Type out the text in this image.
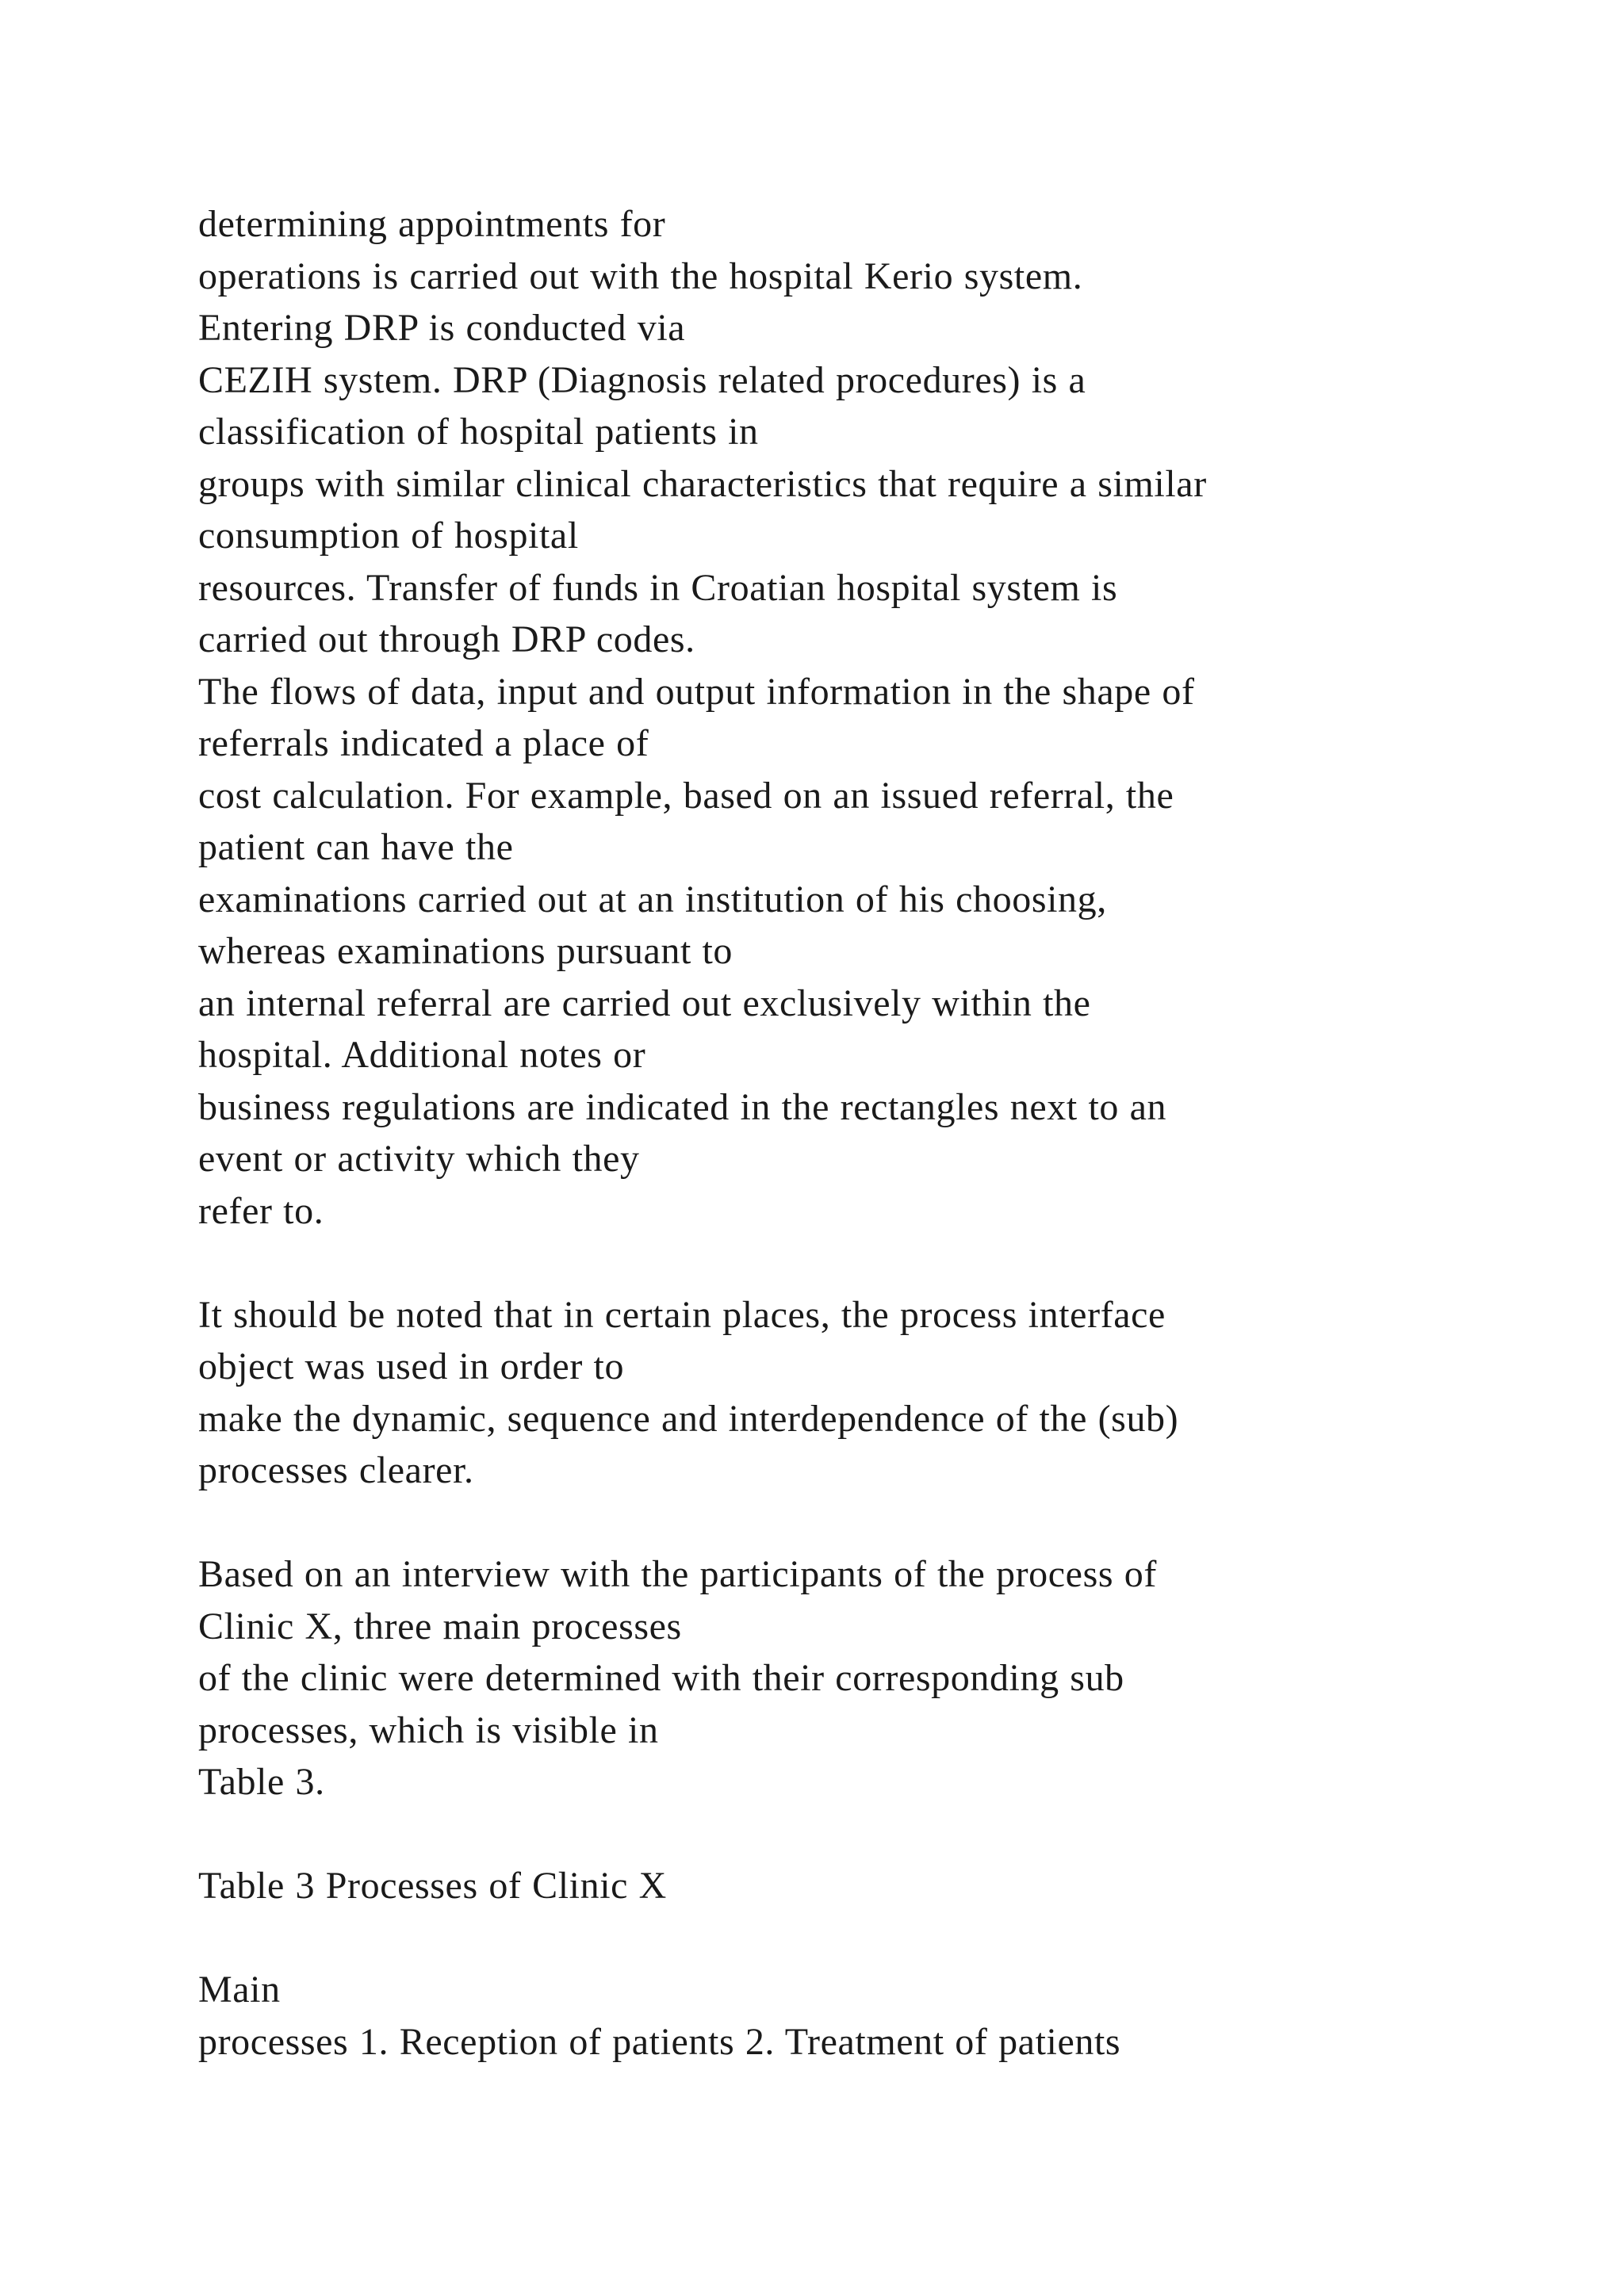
determining appointments for
operations is carried out with the hospital Kerio system.
Entering DRP is conducted via
CEZIH system. DRP (Diagnosis related procedures) is a
classification of hospital patients in
groups with similar clinical characteristics that require a similar
consumption of hospital
resources. Transfer of funds in Croatian hospital system is
carried out through DRP codes.
The flows of data, input and output information in the shape of
referrals indicated a place of
cost calculation. For example, based on an issued referral, the
patient can have the
examinations carried out at an institution of his choosing,
whereas examinations pursuant to
an internal referral are carried out exclusively within the
hospital. Additional notes or
business regulations are indicated in the rectangles next to an
event or activity which they
refer to.
It should be noted that in certain places, the process interface
object was used in order to
make the dynamic, sequence and interdependence of the (sub)
processes clearer.
Based on an interview with the participants of the process of
Clinic X, three main processes
of the clinic were determined with their corresponding sub
processes, which is visible in
Table 3.
Table 3 Processes of Clinic X
Main
processes 1. Reception of patients 2. Treatment of patients
